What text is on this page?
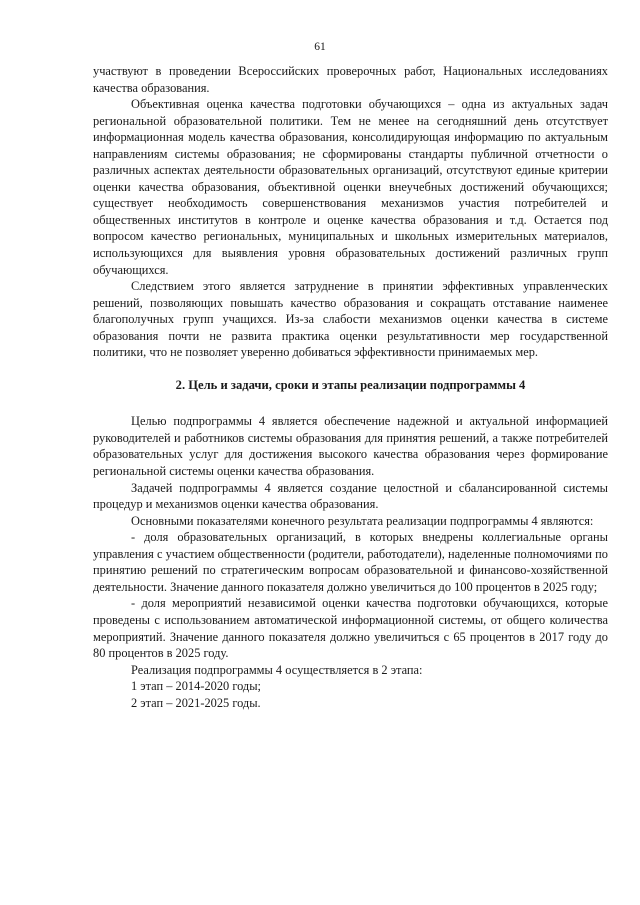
61

участвуют в проведении Всероссийских проверочных работ, Национальных исследованиях качества образования.

Объективная оценка качества подготовки обучающихся – одна из актуальных задач региональной образовательной политики. Тем не менее на сегодняшний день отсутствует информационная модель качества образования, консолидирующая информацию по актуальным направлениям системы образования; не сформированы стандарты публичной отчетности о различных аспектах деятельности образовательных организаций, отсутствуют единые критерии оценки качества образования, объективной оценки внеучебных достижений обучающихся; существует необходимость совершенствования механизмов участия потребителей и общественных институтов в контроле и оценке качества образования и т.д. Остается под вопросом качество региональных, муниципальных и школьных измерительных материалов, использующихся для выявления уровня образовательных достижений различных групп обучающихся.

Следствием этого является затруднение в принятии эффективных управленческих решений, позволяющих повышать качество образования и сокращать отставание наименее благополучных групп учащихся. Из-за слабости механизмов оценки качества в системе образования почти не развита практика оценки результативности мер государственной политики, что не позволяет уверенно добиваться эффективности принимаемых мер.

2. Цель и задачи, сроки и этапы реализации подпрограммы 4

Целью подпрограммы 4 является обеспечение надежной и актуальной информацией руководителей и работников системы образования для принятия решений, а также потребителей образовательных услуг для достижения высокого качества образования через формирование региональной системы оценки качества образования.

Задачей подпрограммы 4 является создание целостной и сбалансированной системы процедур и механизмов оценки качества образования.

Основными показателями конечного результата реализации подпрограммы 4 являются:

- доля образовательных организаций, в которых внедрены коллегиальные органы управления с участием общественности (родители, работодатели), наделенные полномочиями по принятию решений по стратегическим вопросам образовательной и финансово-хозяйственной деятельности. Значение данного показателя должно увеличиться до 100 процентов в 2025 году;

- доля мероприятий независимой оценки качества подготовки обучающихся, которые проведены с использованием автоматической информационной системы, от общего количества мероприятий. Значение данного показателя должно увеличиться с 65 процентов в 2017 году до 80 процентов в 2025 году.

Реализация подпрограммы 4 осуществляется в 2 этапа:

1 этап – 2014-2020 годы;

2 этап – 2021-2025 годы.
